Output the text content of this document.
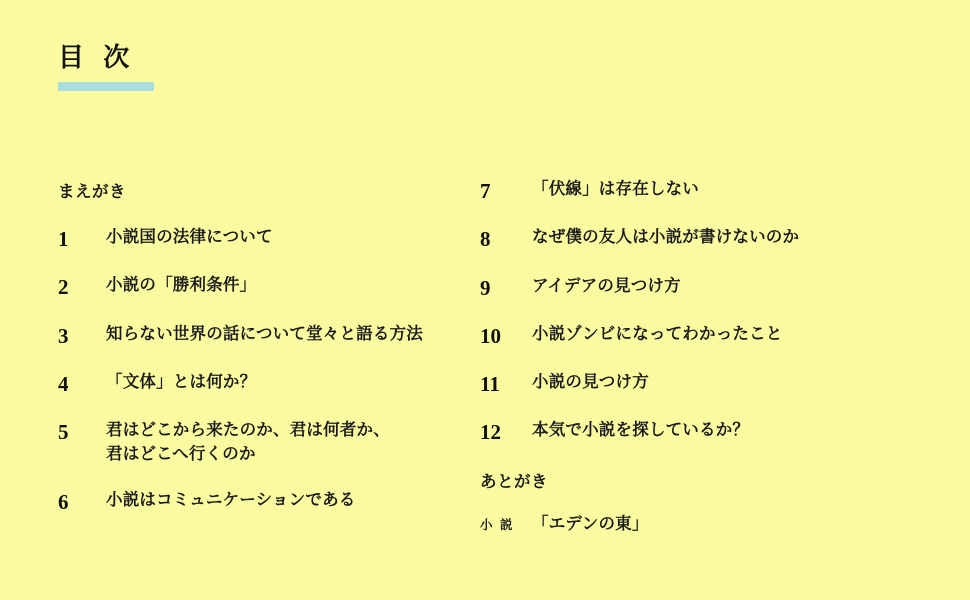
目 次
まえがき
1	小説国の法律について
2	小説の「勝利条件」
3	知らない世界の話について堂々と語る方法
4	「文体」とは何か？
5	君はどこから来たのか、君は何者か、
君はどこへ行くのか
6	小説はコミュニケーションである
7	「伏線」は存在しない
8	なぜ僕の友人は小説が書けないのか
9	アイデアの見つけ方
10	小説ゾンビになってわかったこと
11	小説の見つけ方
12	本気で小説を探しているか？
あとがき
小 説	「エデンの東」
